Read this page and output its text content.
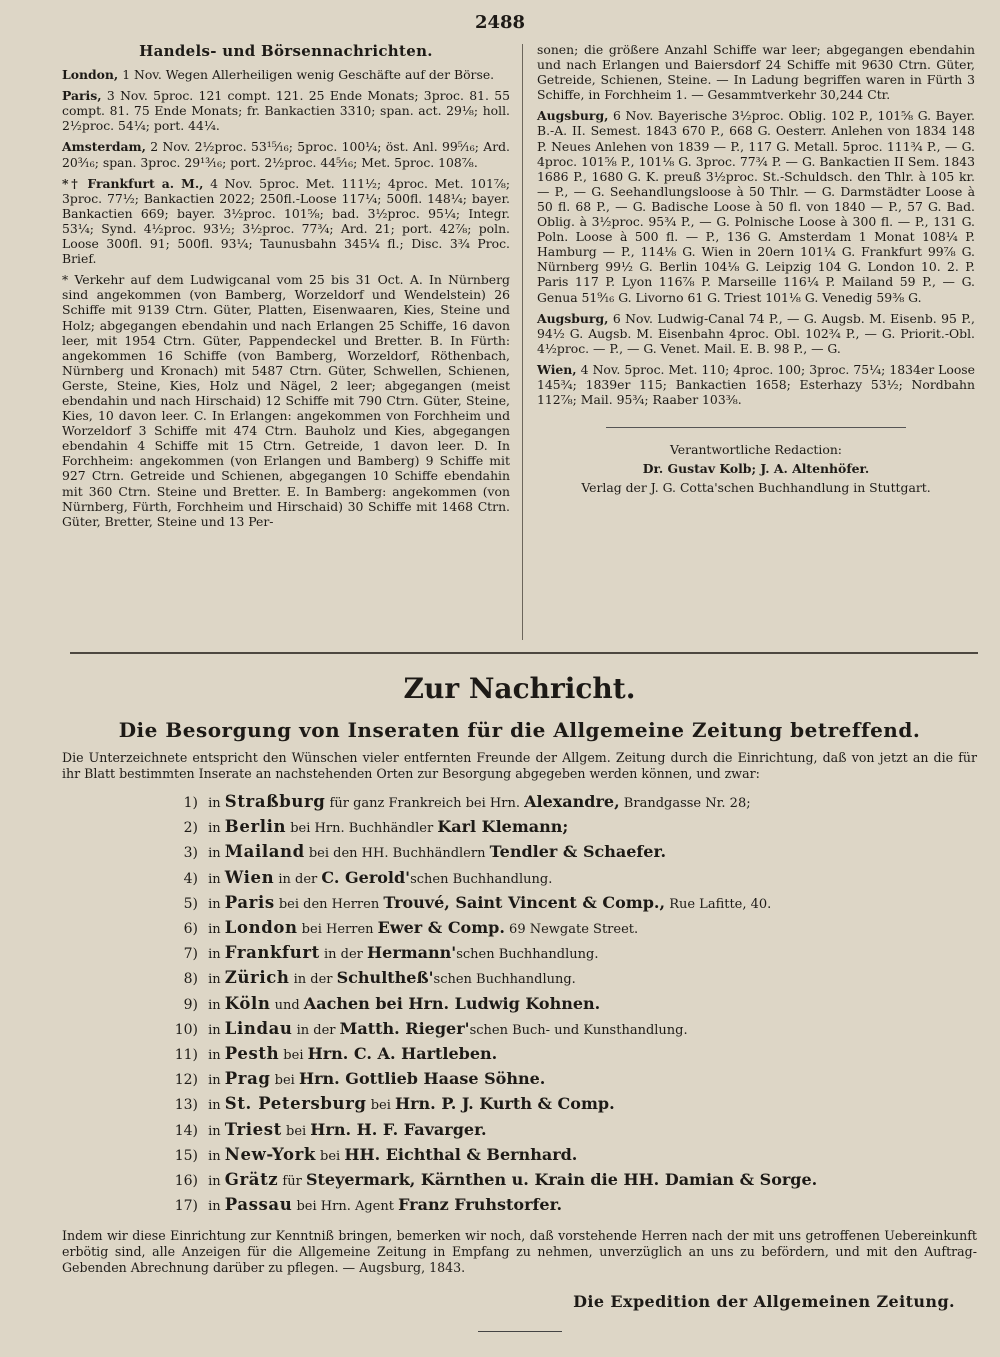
2488
Handels- und Börsennachrichten.

London, 1 Nov. Wegen Allerheiligen wenig Geschäfte auf der Börse.

Paris, 3 Nov. 5proc. 121 compt. 121. 25 Ende Monats; 3proc. 81. 55 compt. 81. 75 Ende Monats; fr. Bankactien 3310; span. act. 29⅛; holl. 2½proc. 54¼; port. 44¼.

Amsterdam, 2 Nov. 2½proc. 53¹⁵⁄₁₆; 5proc. 100¼; öst. Anl. 99⁵⁄₁₆; Ard. 20³⁄₁₆; span. 3proc. 29¹³⁄₁₆; port. 2½proc. 44⁵⁄₁₆; Met. 5proc. 108⅞.

*† Frankfurt a. M., 4 Nov. 5proc. Met. 111½; 4proc. Met. 101⅞; 3proc. 77½; Bankactien 2022; 250fl.-Loose 117¼; 500fl. 148¼; bayer. Bankactien 669; bayer. 3½proc. 101⅝; bad. 3½proc. 95¼; Integr. 53¼; Synd. 4½proc. 93½; 3½proc. 77¾; Ard. 21; port. 42⅞; poln. Loose 300fl. 91; 500fl. 93¼; Taunusbahn 345¼ fl.; Disc. 3¾ Proc. Brief.

* Verkehr auf dem Ludwigcanal vom 25 bis 31 Oct. A. In Nürnberg sind angekommen (von Bamberg, Worzeldorf und Wendelstein) 26 Schiffe mit 9139 Ctrn. Güter, Platten, Eisenwaaren, Kies, Steine und Holz; abgegangen ebendahin und nach Erlangen 25 Schiffe, 16 davon leer, mit 1954 Ctrn. Güter, Pappendeckel und Bretter. B. In Fürth: angekommen 16 Schiffe (von Bamberg, Worzeldorf, Röthenbach, Nürnberg und Kronach) mit 5487 Ctrn. Güter, Schwellen, Schienen, Gerste, Steine, Kies, Holz und Nägel, 2 leer; abgegangen (meist ebendahin und nach Hirschaid) 12 Schiffe mit 790 Ctrn. Güter, Steine, Kies, 10 davon leer. C. In Erlangen: angekommen von Forchheim und Worzeldorf 3 Schiffe mit 474 Ctrn. Bauholz und Kies, abgegangen ebendahin 4 Schiffe mit 15 Ctrn. Getreide, 1 davon leer. D. In Forchheim: angekommen (von Erlangen und Bamberg) 9 Schiffe mit 927 Ctrn. Getreide und Schienen, abgegangen 10 Schiffe ebendahin mit 360 Ctrn. Steine und Bretter. E. In Bamberg: angekommen (von Nürnberg, Fürth, Forchheim und Hirschaid) 30 Schiffe mit 1468 Ctrn. Güter, Bretter, Steine und 13 Per-

sonen; die größere Anzahl Schiffe war leer; abgegangen ebendahin und nach Erlangen und Baiersdorf 24 Schiffe mit 9630 Ctrn. Güter, Getreide, Schienen, Steine. — In Ladung begriffen waren in Fürth 3 Schiffe, in Forchheim 1. — Gesammtverkehr 30,244 Ctr.

Augsburg, 6 Nov. Bayerische 3½proc. Oblig. 102 P., 101⅝ G. Bayer. B.-A. II. Semest. 1843 670 P., 668 G. Oesterr. Anlehen von 1834 148 P. Neues Anlehen von 1839 — P., 117 G. Metall. 5proc. 111¾ P., — G. 4proc. 101⅝ P., 101⅛ G. 3proc. 77¾ P. — G. Bankactien II Sem. 1843 1686 P., 1680 G. K. preuß 3½proc. St.-Schuldsch. den Thlr. à 105 kr. — P., — G. Seehandlungsloose à 50 Thlr. — G. Darmstädter Loose à 50 fl. 68 P., — G. Badische Loose à 50 fl. von 1840 — P., 57 G. Bad. Oblig. à 3½proc. 95¾ P., — G. Polnische Loose à 300 fl. — P., 131 G. Poln. Loose à 500 fl. — P., 136 G. Amsterdam 1 Monat 108¼ P. Hamburg — P., 114⅛ G. Wien in 20ern 101¼ G. Frankfurt 99⅞ G. Nürnberg 99½ G. Berlin 104⅛ G. Leipzig 104 G. London 10. 2. P. Paris 117 P. Lyon 116⅞ P. Marseille 116¼ P. Mailand 59 P., — G. Genua 51⁹⁄₁₆ G. Livorno 61 G. Triest 101⅛ G. Venedig 59⅜ G.

Augsburg, 6 Nov. Ludwig-Canal 74 P., — G. Augsb. M. Eisenb. 95 P., 94½ G. Augsb. M. Eisenbahn 4proc. Obl. 102¾ P., — G. Priorit.-Obl. 4½proc. — P., — G. Venet. Mail. E. B. 98 P., — G.

Wien, 4 Nov. 5proc. Met. 110; 4proc. 100; 3proc. 75¼; 1834er Loose 145¾; 1839er 115; Bankactien 1658; Esterhazy 53½; Nordbahn 112⅞; Mail. 95¾; Raaber 103⅜.

Verantwortliche Redaction:
Dr. Gustav Kolb; J. A. Altenhöfer.
Verlag der J. G. Cotta'schen Buchhandlung in Stuttgart.
Zur Nachricht.
Die Besorgung von Inseraten für die Allgemeine Zeitung betreffend.

Die Unterzeichnete entspricht den Wünschen vieler entfernten Freunde der Allgem. Zeitung durch die Einrichtung, daß von jetzt an die für ihr Blatt bestimmten Inserate an nachstehenden Orten zur Besorgung abgegeben werden können, und zwar:

1) in Straßburg für ganz Frankreich bei Hrn. Alexandre, Brandgasse Nr. 28;
2) in Berlin bei Hrn. Buchhändler Karl Klemann;
3) in Mailand bei den HH. Buchhändlern Tendler & Schaefer.
4) in Wien in der C. Gerold'schen Buchhandlung.
5) in Paris bei den Herren Trouvé, Saint Vincent & Comp., Rue Lafitte, 40.
6) in London bei Herren Ewer & Comp. 69 Newgate Street.
7) in Frankfurt in der Hermann'schen Buchhandlung.
8) in Zürich in der Schultheß'schen Buchhandlung.
9) in Köln und Aachen bei Hrn. Ludwig Kohnen.
10) in Lindau in der Matth. Rieger'schen Buch- und Kunsthandlung.
11) in Pesth bei Hrn. C. A. Hartleben.
12) in Prag bei Hrn. Gottlieb Haase Söhne.
13) in St. Petersburg bei Hrn. P. J. Kurth & Comp.
14) in Triest bei Hrn. H. F. Favarger.
15) in New-York bei HH. Eichthal & Bernhard.
16) in Grätz für Steyermark, Kärnthen u. Krain die HH. Damian & Sorge.
17) in Passau bei Hrn. Agent Franz Fruhstorfer.

Indem wir diese Einrichtung zur Kenntniß bringen, bemerken wir noch, daß vorstehende Herren nach der mit uns getroffenen Uebereinkunft erbötig sind, alle Anzeigen für die Allgemeine Zeitung in Empfang zu nehmen, unverzüglich an uns zu befördern, und mit den Auftrag-Gebenden Abrechnung darüber zu pflegen. — Augsburg, 1843.

Die Expedition der Allgemeinen Zeitung.
